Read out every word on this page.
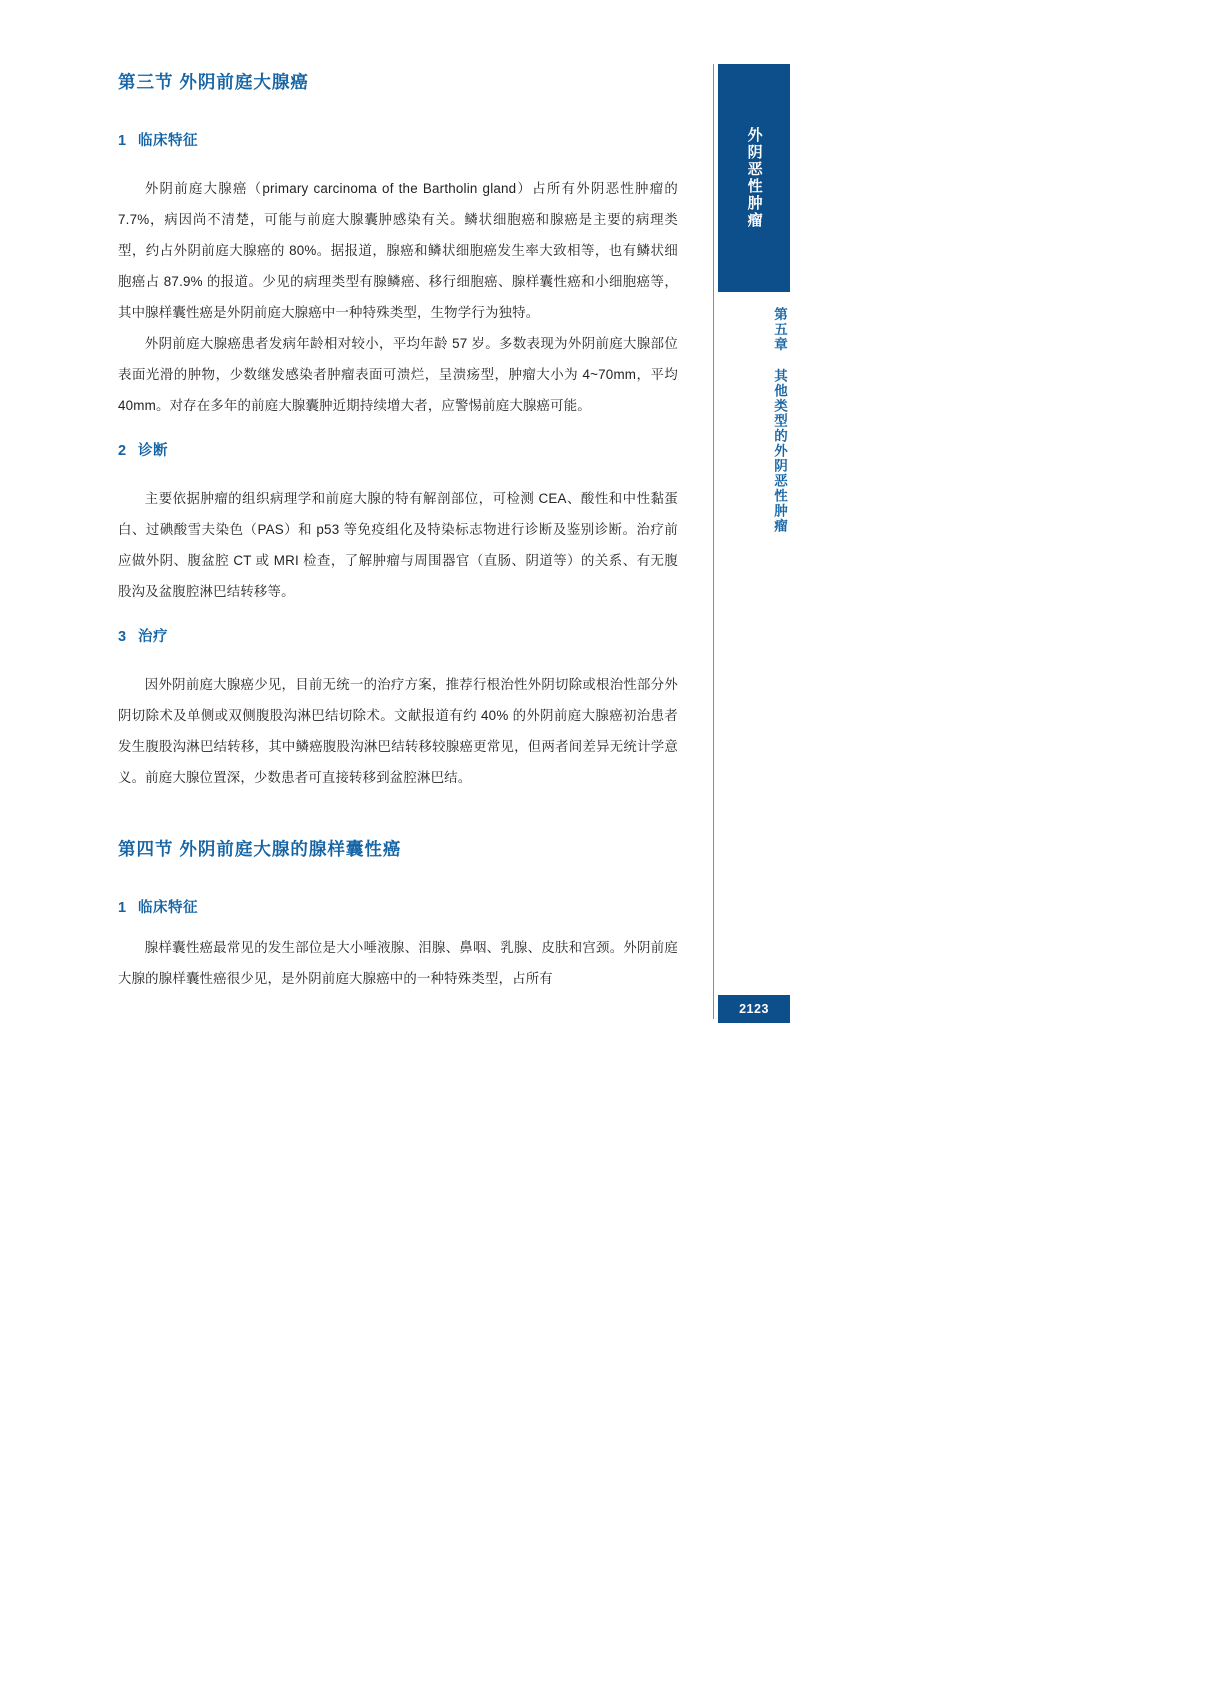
第三节 外阴前庭大腺癌
1 临床特征

外阴前庭大腺癌（primary carcinoma of the Bartholin gland）占所有外阴恶性肿瘤的 7.7%，病因尚不清楚，可能与前庭大腺囊肿感染有关。鳞状细胞癌和腺癌是主要的病理类型，约占外阴前庭大腺癌的 80%。据报道，腺癌和鳞状细胞癌发生率大致相等，也有鳞状细胞癌占 87.9% 的报道。少见的病理类型有腺鳞癌、移行细胞癌、腺样囊性癌和小细胞癌等，其中腺样囊性癌是外阴前庭大腺癌中一种特殊类型，生物学行为独特。

外阴前庭大腺癌患者发病年龄相对较小，平均年龄 57 岁。多数表现为外阴前庭大腺部位表面光滑的肿物，少数继发感染者肿瘤表面可溃烂，呈溃疡型，肿瘤大小为 4~70mm，平均 40mm。对存在多年的前庭大腺囊肿近期持续增大者，应警惕前庭大腺癌可能。

2 诊断

主要依据肿瘤的组织病理学和前庭大腺的特有解剖部位，可检测 CEA、酸性和中性黏蛋白、过碘酸雪夫染色（PAS）和 p53 等免疫组化及特染标志物进行诊断及鉴别诊断。治疗前应做外阴、腹盆腔 CT 或 MRI 检查，了解肿瘤与周围器官（直肠、阴道等）的关系、有无腹股沟及盆腹腔淋巴结转移等。

3 治疗

因外阴前庭大腺癌少见，目前无统一的治疗方案，推荐行根治性外阴切除或根治性部分外阴切除术及单侧或双侧腹股沟淋巴结切除术。文献报道有约 40% 的外阴前庭大腺癌初治患者发生腹股沟淋巴结转移，其中鳞癌腹股沟淋巴结转移较腺癌更常见，但两者间差异无统计学意义。前庭大腺位置深，少数患者可直接转移到盆腔淋巴结。

第四节 外阴前庭大腺的腺样囊性癌
1 临床特征

腺样囊性癌最常见的发生部位是大小唾液腺、泪腺、鼻咽、乳腺、皮肤和宫颈。外阴前庭大腺的腺样囊性癌很少见，是外阴前庭大腺癌中的一种特殊类型，占所有

外阴恶性肿瘤
第五章 其他类型的外阴恶性肿瘤
2123
